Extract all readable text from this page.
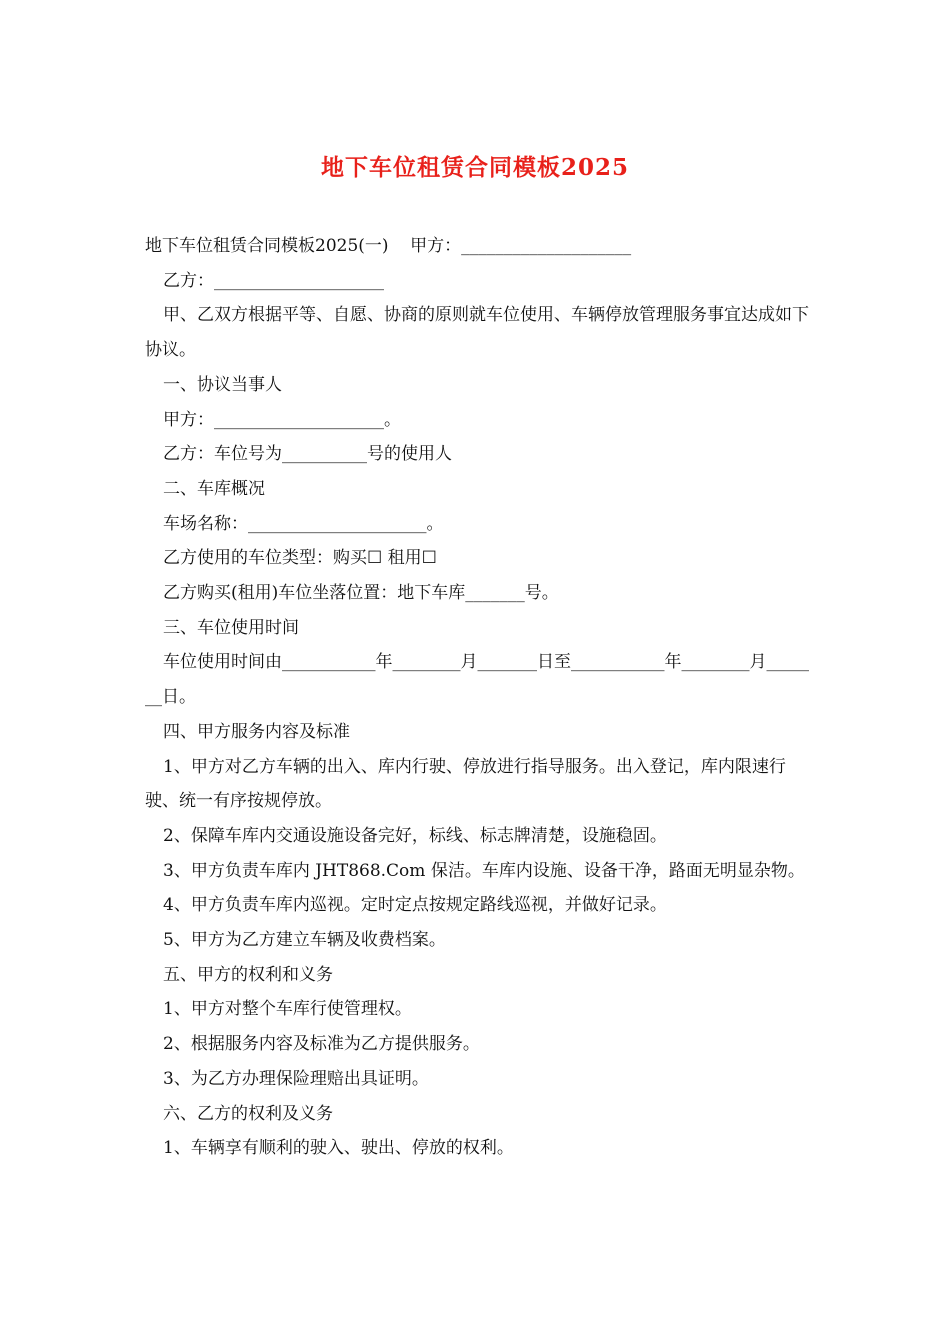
地下车位租赁合同模板2025

地下车位租赁合同模板2025(一)    甲方：____________________

乙方：____________________

甲、乙双方根据平等、自愿、协商的原则就车位使用、车辆停放管理服务事宜达成如下协议。

一、协议当事人

甲方：____________________。

乙方：车位号为__________号的使用人

二、车库概况

车场名称：_____________________。

乙方使用的车位类型：购买☐ 租用☐

乙方购买(租用)车位坐落位置：地下车库_______号。

三、车位使用时间

车位使用时间由___________年________月_______日至___________年________月_______日。

四、甲方服务内容及标准

1、甲方对乙方车辆的出入、库内行驶、停放进行指导服务。出入登记，库内限速行驶、统一有序按规停放。

2、保障车库内交通设施设备完好，标线、标志牌清楚，设施稳固。

3、甲方负责车库内 JHT868.Com 保洁。车库内设施、设备干净，路面无明显杂物。

4、甲方负责车库内巡视。定时定点按规定路线巡视，并做好记录。

5、甲方为乙方建立车辆及收费档案。

五、甲方的权利和义务

1、甲方对整个车库行使管理权。

2、根据服务内容及标准为乙方提供服务。

3、为乙方办理保险理赔出具证明。

六、乙方的权利及义务

1、车辆享有顺利的驶入、驶出、停放的权利。
